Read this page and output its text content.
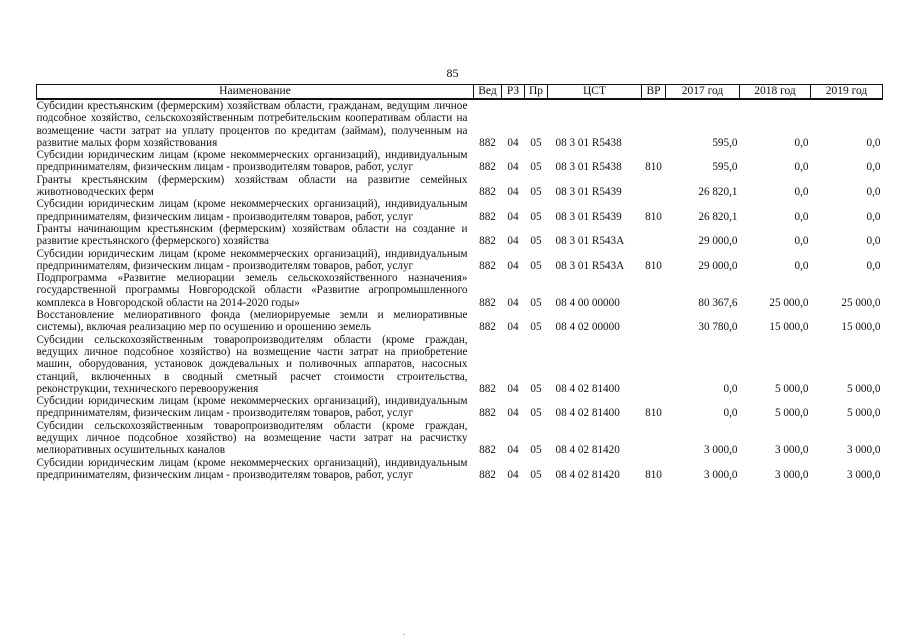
85
Наименование	Вед	РЗ	Пр	ЦСТ	ВР	2017 год	2018 год	2019 год
Субсидии крестьянским (фермерским) хозяйствам области, гражданам, ведущим личное подсобное хозяйство, сельскохозяйственным потребительским кооперативам области на возмещение части затрат на уплату процентов по кредитам (займам), полученным на развитие малых форм хозяйствования	882	04	05	08 3 01 R5438		595,0	0,0	0,0
Субсидии юридическим лицам (кроме некоммерческих организаций), индивидуальным предпринимателям, физическим лицам - производителям товаров, работ, услуг	882	04	05	08 3 01 R5438	810	595,0	0,0	0,0
Гранты крестьянским (фермерским) хозяйствам области на развитие семейных животноводческих ферм	882	04	05	08 3 01 R5439		26 820,1	0,0	0,0
Субсидии юридическим лицам (кроме некоммерческих организаций), индивидуальным предпринимателям, физическим лицам - производителям товаров, работ, услуг	882	04	05	08 3 01 R5439	810	26 820,1	0,0	0,0
Гранты начинающим крестьянским (фермерским) хозяйствам области на создание и развитие крестьянского (фермерского) хозяйства	882	04	05	08 3 01 R543A		29 000,0	0,0	0,0
Субсидии юридическим лицам (кроме некоммерческих организаций), индивидуальным предпринимателям, физическим лицам - производителям товаров, работ, услуг	882	04	05	08 3 01 R543A	810	29 000,0	0,0	0,0
Подпрограмма «Развитие мелиорации земель сельскохозяйственного назначения» государственной программы Новгородской области «Развитие агропромышленного комплекса в Новгородской области на 2014-2020 годы»	882	04	05	08 4 00 00000		80 367,6	25 000,0	25 000,0
Восстановление мелиоративного фонда (мелиорируемые земли и мелиоративные системы), включая реализацию мер по осушению и орошению земель	882	04	05	08 4 02 00000		30 780,0	15 000,0	15 000,0
Субсидии сельскохозяйственным товаропроизводителям области (кроме граждан, ведущих личное подсобное хозяйство) на возмещение части затрат на приобретение машин, оборудования, установок дождевальных и поливочных аппаратов, насосных станций, включенных в сводный сметный расчет стоимости строительства, реконструкции, технического перевооружения	882	04	05	08 4 02 81400		0,0	5 000,0	5 000,0
Субсидии юридическим лицам (кроме некоммерческих организаций), индивидуальным предпринимателям, физическим лицам - производителям товаров, работ, услуг	882	04	05	08 4 02 81400	810	0,0	5 000,0	5 000,0
Субсидии сельскохозяйственным товаропроизводителям области (кроме граждан, ведущих личное подсобное хозяйство) на возмещение части затрат на расчистку мелиоративных осушительных каналов	882	04	05	08 4 02 81420		3 000,0	3 000,0	3 000,0
Субсидии юридическим лицам (кроме некоммерческих организаций), индивидуальным предпринимателям, физическим лицам - производителям товаров, работ, услуг	882	04	05	08 4 02 81420	810	3 000,0	3 000,0	3 000,0
